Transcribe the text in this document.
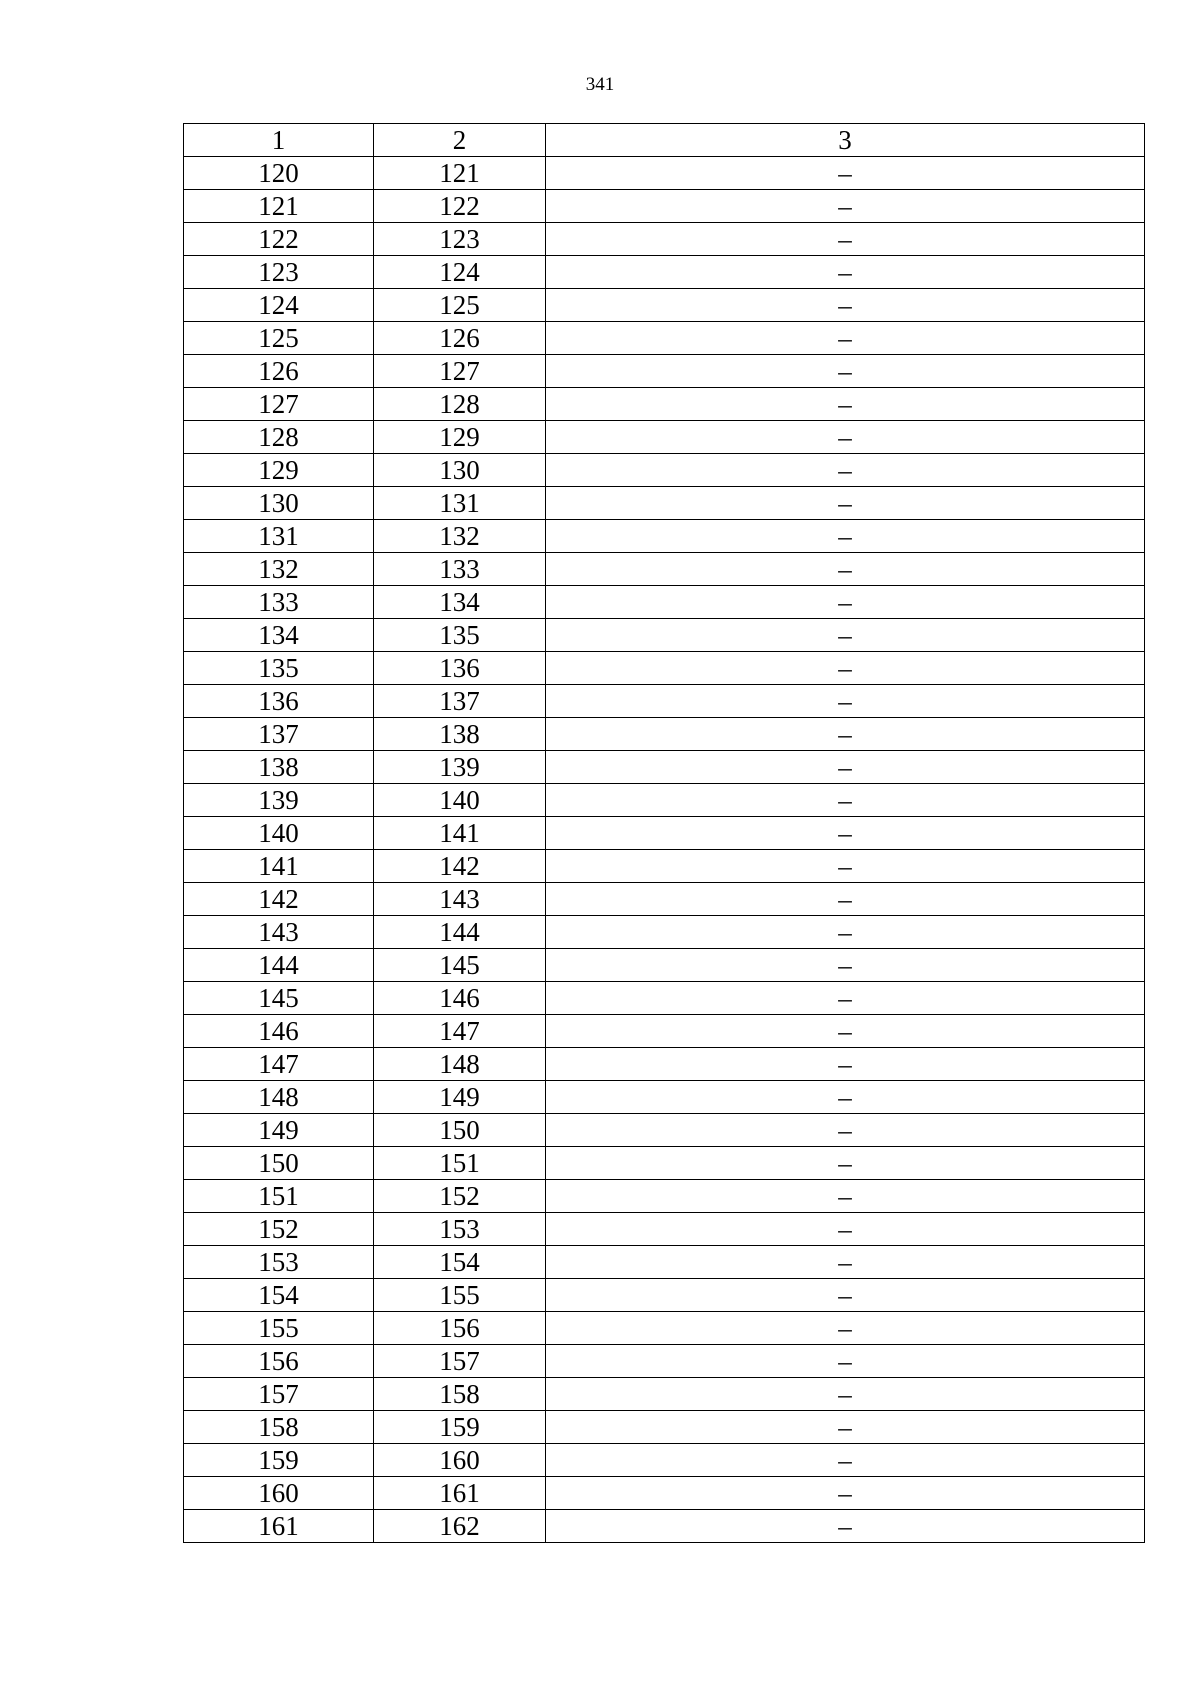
341
1	2	3
120	121	–
121	122	–
122	123	–
123	124	–
124	125	–
125	126	–
126	127	–
127	128	–
128	129	–
129	130	–
130	131	–
131	132	–
132	133	–
133	134	–
134	135	–
135	136	–
136	137	–
137	138	–
138	139	–
139	140	–
140	141	–
141	142	–
142	143	–
143	144	–
144	145	–
145	146	–
146	147	–
147	148	–
148	149	–
149	150	–
150	151	–
151	152	–
152	153	–
153	154	–
154	155	–
155	156	–
156	157	–
157	158	–
158	159	–
159	160	–
160	161	–
161	162	–
